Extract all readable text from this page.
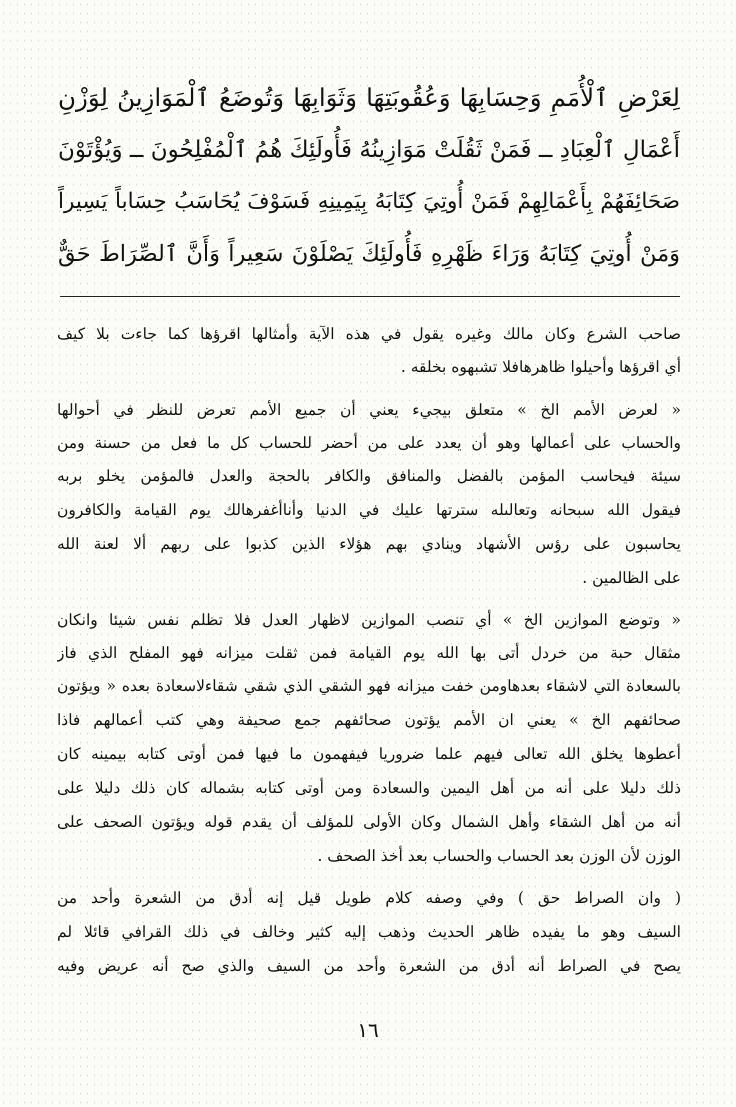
لِعَرْضِ ٱلْأُمَمِ وَحِسَابِهَا وَعُقُوبَتِهَا وَثَوَابِهَا وَتُوضَعُ ٱلْمَوَازِينُ لِوَزْنِ
أَعْمَالِ ٱلْعِبَادِ ــ فَمَنْ ثَقُلَتْ مَوَازِينُهُ فَأُولَئِكَ هُمُ ٱلْمُفْلِحُونَ ــ وَيُؤْتَوْنَ
صَحَائِفَهُمْ بِأَعْمَالِهِمْ فَمَنْ أُوتِيَ كِتَابَهُ بِيَمِينِهِ فَسَوْفَ يُحَاسَبُ حِسَاباً يَسِيراً
وَمَنْ أُوتِيَ كِتَابَهُ وَرَاءَ ظَهْرِهِ فَأُولَئِكَ يَصْلَوْنَ سَعِيراً وَأَنَّ ٱلصِّرَاطَ حَقٌّ
صاحب الشرع وكان مالك وغيره يقول في هذه الآية وأمثالها اقرؤها كما جاءت بلا كيف
أي اقرؤها وأحيلوا ظاهرهافلا تشبهوه بخلقه .
« لعرض الأمم الخ » متعلق بيجيء يعني أن جميع الأمم تعرض للنظر في أحوالها
والحساب على أعمالها وهو أن يعدد على من أحضر للحساب كل ما فعل من حسنة ومن
سيئة فيحاسب المؤمن بالفضل والمنافق والكافر بالحجة والعدل فالمؤمن يخلو بربه
فيقول الله سبحانه وتعالىله سترتها عليك في الدنيا وأناأغفرهالك يوم القيامة والكافرون
يحاسبون على رؤس الأشهاد وينادي بهم هؤلاء الذين كذبوا على ربهم ألا لعنة الله
على الظالمين .
« وتوضع الموازين الخ » أي تنصب الموازين لاظهار العدل فلا تظلم نفس شيئا وانكان
مثقال حبة من خردل أتى بها الله يوم القيامة فمن ثقلت ميزانه فهو المفلح الذي فاز
بالسعادة التي لاشقاء بعدهاومن خفت ميزانه فهو الشقي الذي شقي شقاءلاسعادة بعده « ويؤتون
صحائفهم الخ » يعني ان الأمم يؤتون صحائفهم جمع صحيفة وهي كتب أعمالهم فاذا
أعطوها يخلق الله تعالى فيهم علما ضروريا فيفهمون ما فيها فمن أوتى كتابه بيمينه كان
ذلك دليلا على أنه من أهل اليمين والسعادة ومن أوتى كتابه بشماله كان ذلك دليلا على
أنه من أهل الشقاء وأهل الشمال وكان الأولى للمؤلف أن يقدم قوله ويؤتون الصحف على
الوزن لأن الوزن بعد الحساب والحساب بعد أخذ الصحف .
( وان الصراط حق ) وفي وصفه كلام طويل قيل إنه أدق من الشعرة وأحد من
السيف وهو ما يفيده ظاهر الحديث وذهب إليه كثير وخالف في ذلك القرافي قائلا لم
يصح في الصراط أنه أدق من الشعرة وأحد من السيف والذي صح أنه عريض وفيه
١٦
